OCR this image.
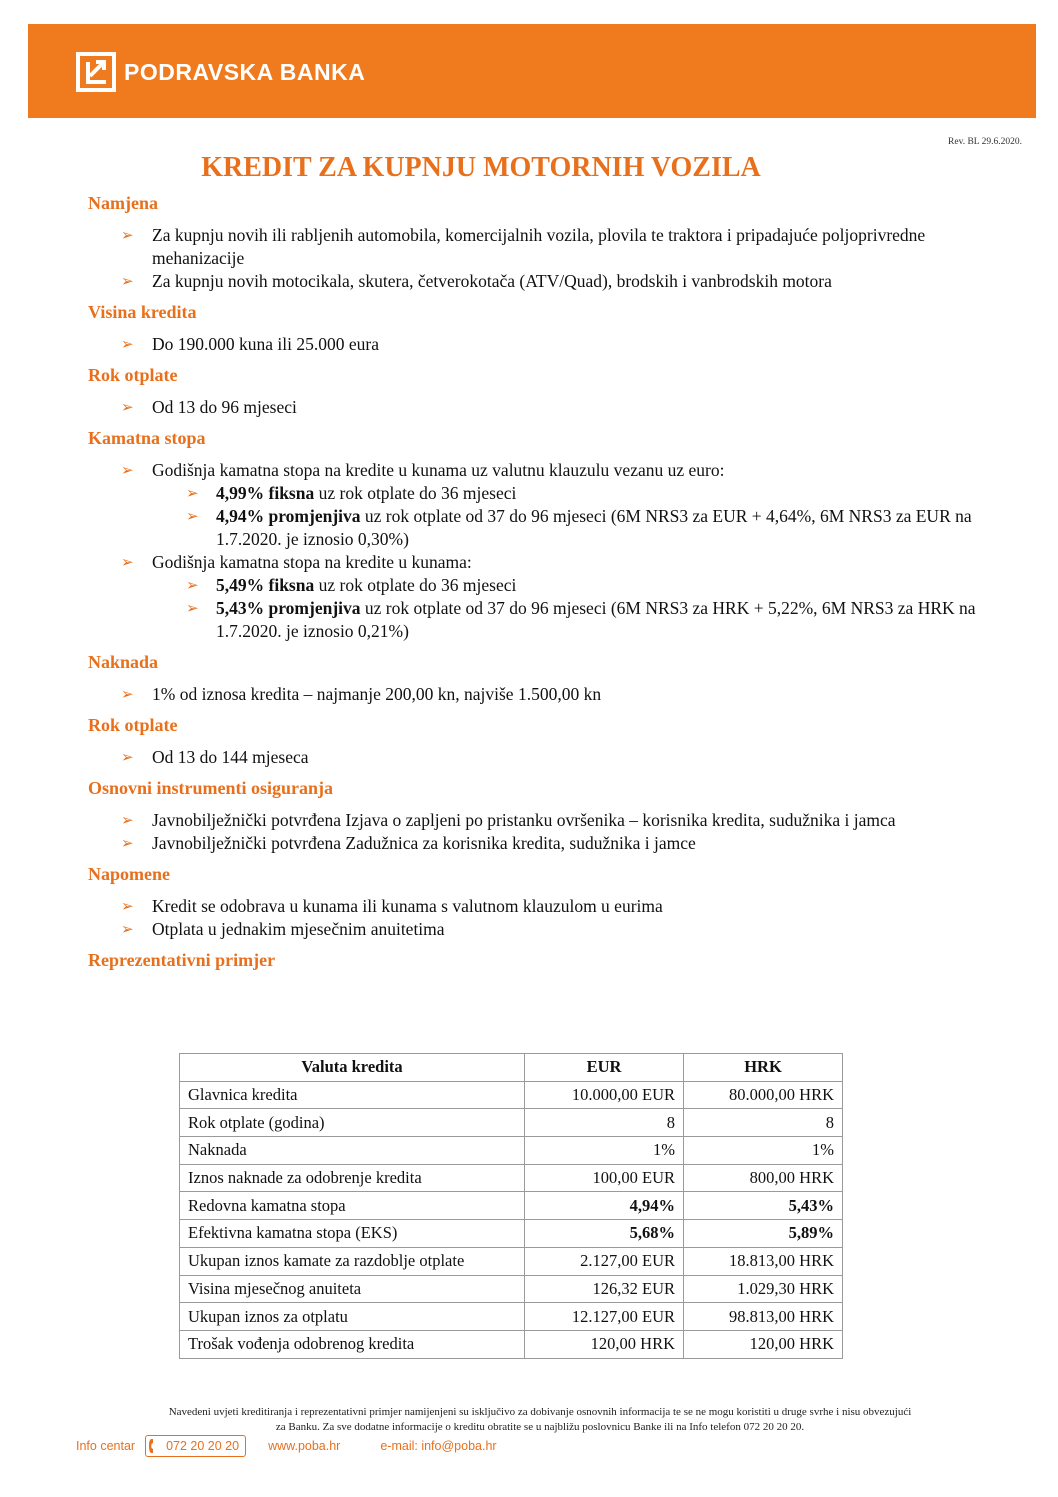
PODRAVSKA BANKA
Rev. BL 29.6.2020.
KREDIT ZA KUPNJU MOTORNIH VOZILA
Namjena
➢ Za kupnju novih ili rabljenih automobila, komercijalnih vozila, plovila te traktora i pripadajuće poljoprivredne mehanizacije
➢ Za kupnju novih motocikala, skutera, četverokotača (ATV/Quad), brodskih i vanbrodskih motora
Visina kredita
➢ Do 190.000 kuna ili 25.000 eura
Rok otplate
➢ Od 13 do 96 mjeseci
Kamatna stopa
➢ Godišnja kamatna stopa na kredite u kunama uz valutnu klauzulu vezanu uz euro:
➢ 4,99% fiksna uz rok otplate do 36 mjeseci
➢ 4,94% promjenjiva uz rok otplate od 37 do 96 mjeseci (6M NRS3 za EUR + 4,64%, 6M NRS3 za EUR na 1.7.2020. je iznosio 0,30%)
➢ Godišnja kamatna stopa na kredite u kunama:
➢ 5,49% fiksna uz rok otplate do 36 mjeseci
➢ 5,43% promjenjiva uz rok otplate od 37 do 96 mjeseci (6M NRS3 za HRK + 5,22%, 6M NRS3 za HRK na 1.7.2020. je iznosio 0,21%)
Naknada
➢ 1% od iznosa kredita – najmanje 200,00 kn, najviše 1.500,00 kn
Rok otplate
➢ Od 13 do 144 mjeseca
Osnovni instrumenti osiguranja
➢ Javnobilježnički potvrđena Izjava o zapljeni po pristanku ovršenika – korisnika kredita, sudužnika i jamca
➢ Javnobilježnički potvrđena Zadužnica za korisnika kredita, sudužnika i jamce
Napomene
➢ Kredit se odobrava u kunama ili kunama s valutnom klauzulom u eurima
➢ Otplata u jednakim mjesečnim anuitetima
Reprezentativni primjer
Valuta kredita	EUR	HRK
Glavnica kredita	10.000,00 EUR	80.000,00 HRK
Rok otplate (godina)	8	8
Naknada	1%	1%
Iznos naknade za odobrenje kredita	100,00 EUR	800,00 HRK
Redovna kamatna stopa	4,94%	5,43%
Efektivna kamatna stopa (EKS)	5,68%	5,89%
Ukupan iznos kamate za razdoblje otplate	2.127,00 EUR	18.813,00 HRK
Visina mjesečnog anuiteta	126,32 EUR	1.029,30 HRK
Ukupan iznos za otplatu	12.127,00 EUR	98.813,00 HRK
Trošak vođenja odobrenog kredita	120,00 HRK	120,00 HRK
Navedeni uvjeti kreditiranja i reprezentativni primjer namijenjeni su isključivo za dobivanje osnovnih informacija te se ne mogu koristiti u druge svrhe i nisu obvezujući
za Banku. Za sve dodatne informacije o kreditu obratite se u najbližu poslovnicu Banke ili na Info telefon 072 20 20 20.
Info centar 072 20 20 20 www.poba.hr	e-mail: info@poba.hr
